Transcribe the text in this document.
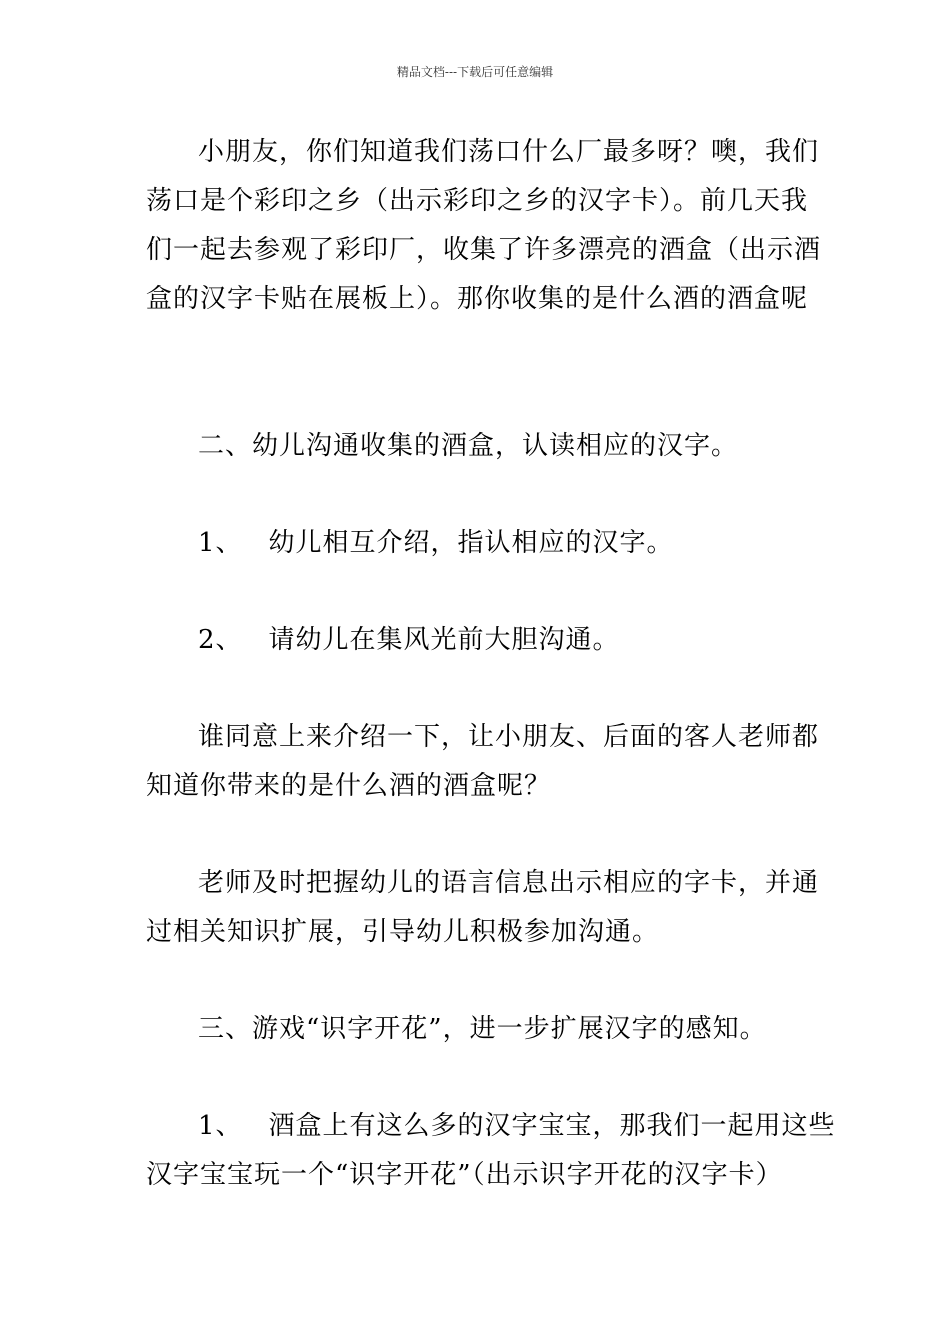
精品文档---下载后可任意编辑

小朋友，你们知道我们荡口什么厂最多呀？噢，我们
荡口是个彩印之乡（出示彩印之乡的汉字卡）。前几天我
们一起去参观了彩印厂，收集了许多漂亮的酒盒（出示酒
盒的汉字卡贴在展板上）。那你收集的是什么酒的酒盒呢

二、幼儿沟通收集的酒盒，认读相应的汉字。

1、 幼儿相互介绍，指认相应的汉字。

2、 请幼儿在集风光前大胆沟通。

谁同意上来介绍一下，让小朋友、后面的客人老师都
知道你带来的是什么酒的酒盒呢？

老师及时把握幼儿的语言信息出示相应的字卡，并通
过相关知识扩展，引导幼儿积极参加沟通。

三、游戏“识字开花”，进一步扩展汉字的感知。

1、 酒盒上有这么多的汉字宝宝，那我们一起用这些
汉字宝宝玩一个“识字开花”（出示识字开花的汉字卡）
